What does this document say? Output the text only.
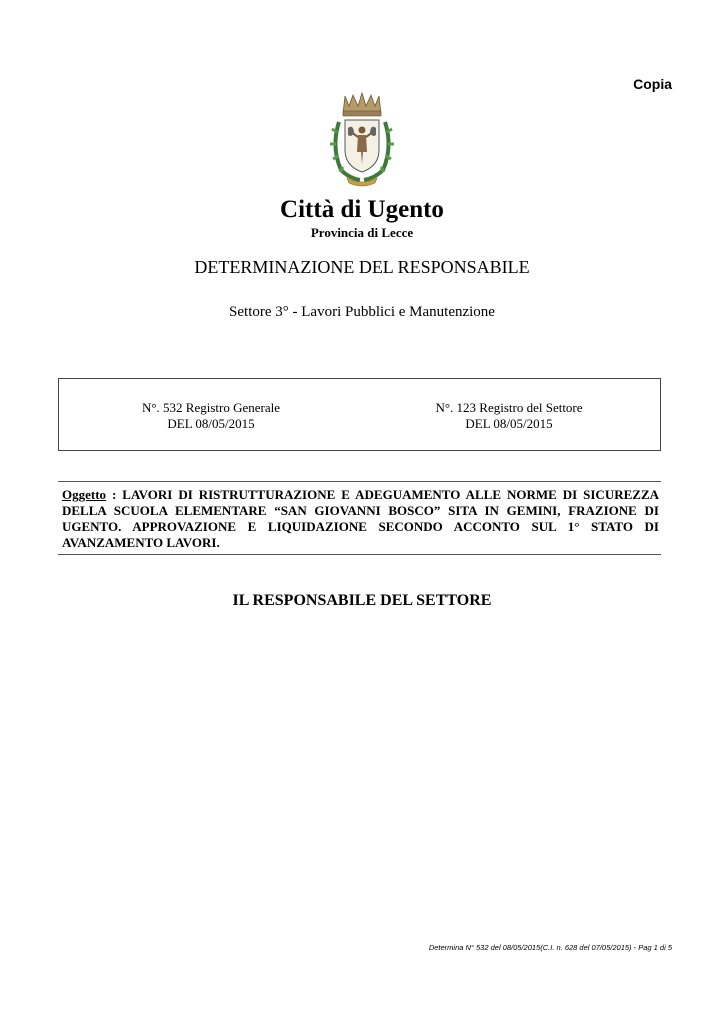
Copia
Città di Ugento
Provincia di Lecce
DETERMINAZIONE DEL RESPONSABILE
Settore 3° - Lavori Pubblici e Manutenzione
N°. 532 Registro Generale
DEL 08/05/2015
N°. 123 Registro del Settore
DEL 08/05/2015
Oggetto : LAVORI DI RISTRUTTURAZIONE E ADEGUAMENTO ALLE NORME DI SICUREZZA DELLA SCUOLA ELEMENTARE “SAN GIOVANNI BOSCO” SITA IN GEMINI, FRAZIONE DI UGENTO. APPROVAZIONE E LIQUIDAZIONE SECONDO ACCONTO SUL 1° STATO DI AVANZAMENTO LAVORI.
IL RESPONSABILE DEL SETTORE
Determina N° 532 del 08/05/2015(C.I. n. 628 del 07/05/2015) - Pag 1 di 5
